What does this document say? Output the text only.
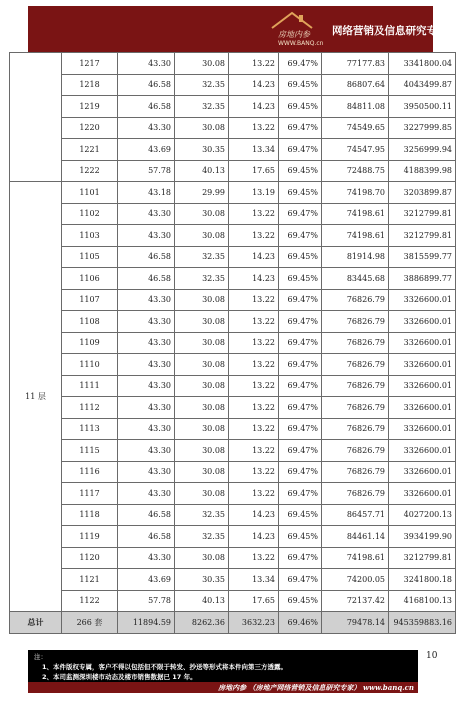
房地内参
WWW.BANQ.cn
网络营销及信息研究专家
	1217	43.30	30.08	13.22	69.47%	77177.83	3341800.04
	1218	46.58	32.35	14.23	69.45%	86807.64	4043499.87
	1219	46.58	32.35	14.23	69.45%	84811.08	3950500.11
	1220	43.30	30.08	13.22	69.47%	74549.65	3227999.85
	1221	43.69	30.35	13.34	69.47%	74547.95	3256999.94
	1222	57.78	40.13	17.65	69.45%	72488.75	4188399.98
11 层	1101	43.18	29.99	13.19	69.45%	74198.70	3203899.87
	1102	43.30	30.08	13.22	69.47%	74198.61	3212799.81
	1103	43.30	30.08	13.22	69.47%	74198.61	3212799.81
	1105	46.58	32.35	14.23	69.45%	81914.98	3815599.77
	1106	46.58	32.35	14.23	69.45%	83445.68	3886899.77
	1107	43.30	30.08	13.22	69.47%	76826.79	3326600.01
	1108	43.30	30.08	13.22	69.47%	76826.79	3326600.01
	1109	43.30	30.08	13.22	69.47%	76826.79	3326600.01
	1110	43.30	30.08	13.22	69.47%	76826.79	3326600.01
	1111	43.30	30.08	13.22	69.47%	76826.79	3326600.01
	1112	43.30	30.08	13.22	69.47%	76826.79	3326600.01
	1113	43.30	30.08	13.22	69.47%	76826.79	3326600.01
	1115	43.30	30.08	13.22	69.47%	76826.79	3326600.01
	1116	43.30	30.08	13.22	69.47%	76826.79	3326600.01
	1117	43.30	30.08	13.22	69.47%	76826.79	3326600.01
	1118	46.58	32.35	14.23	69.45%	86457.71	4027200.13
	1119	46.58	32.35	14.23	69.45%	84461.14	3934199.90
	1120	43.30	30.08	13.22	69.47%	74198.61	3212799.81
	1121	43.69	30.35	13.34	69.47%	74200.05	3241800.18
	1122	57.78	40.13	17.65	69.45%	72137.42	4168100.13
总计	266 套	11894.59	8262.36	3632.23	69.46%	79478.14	945359883.16
10
注：
1、本件版权专属，客户不得以包括但不限于转发、抄送等形式将本件向第三方透露。
2、本司监测深圳楼市动态及楼市销售数据已 17 年。
房地内参 （房地产网络营销及信息研究专家） www.banq.cn
